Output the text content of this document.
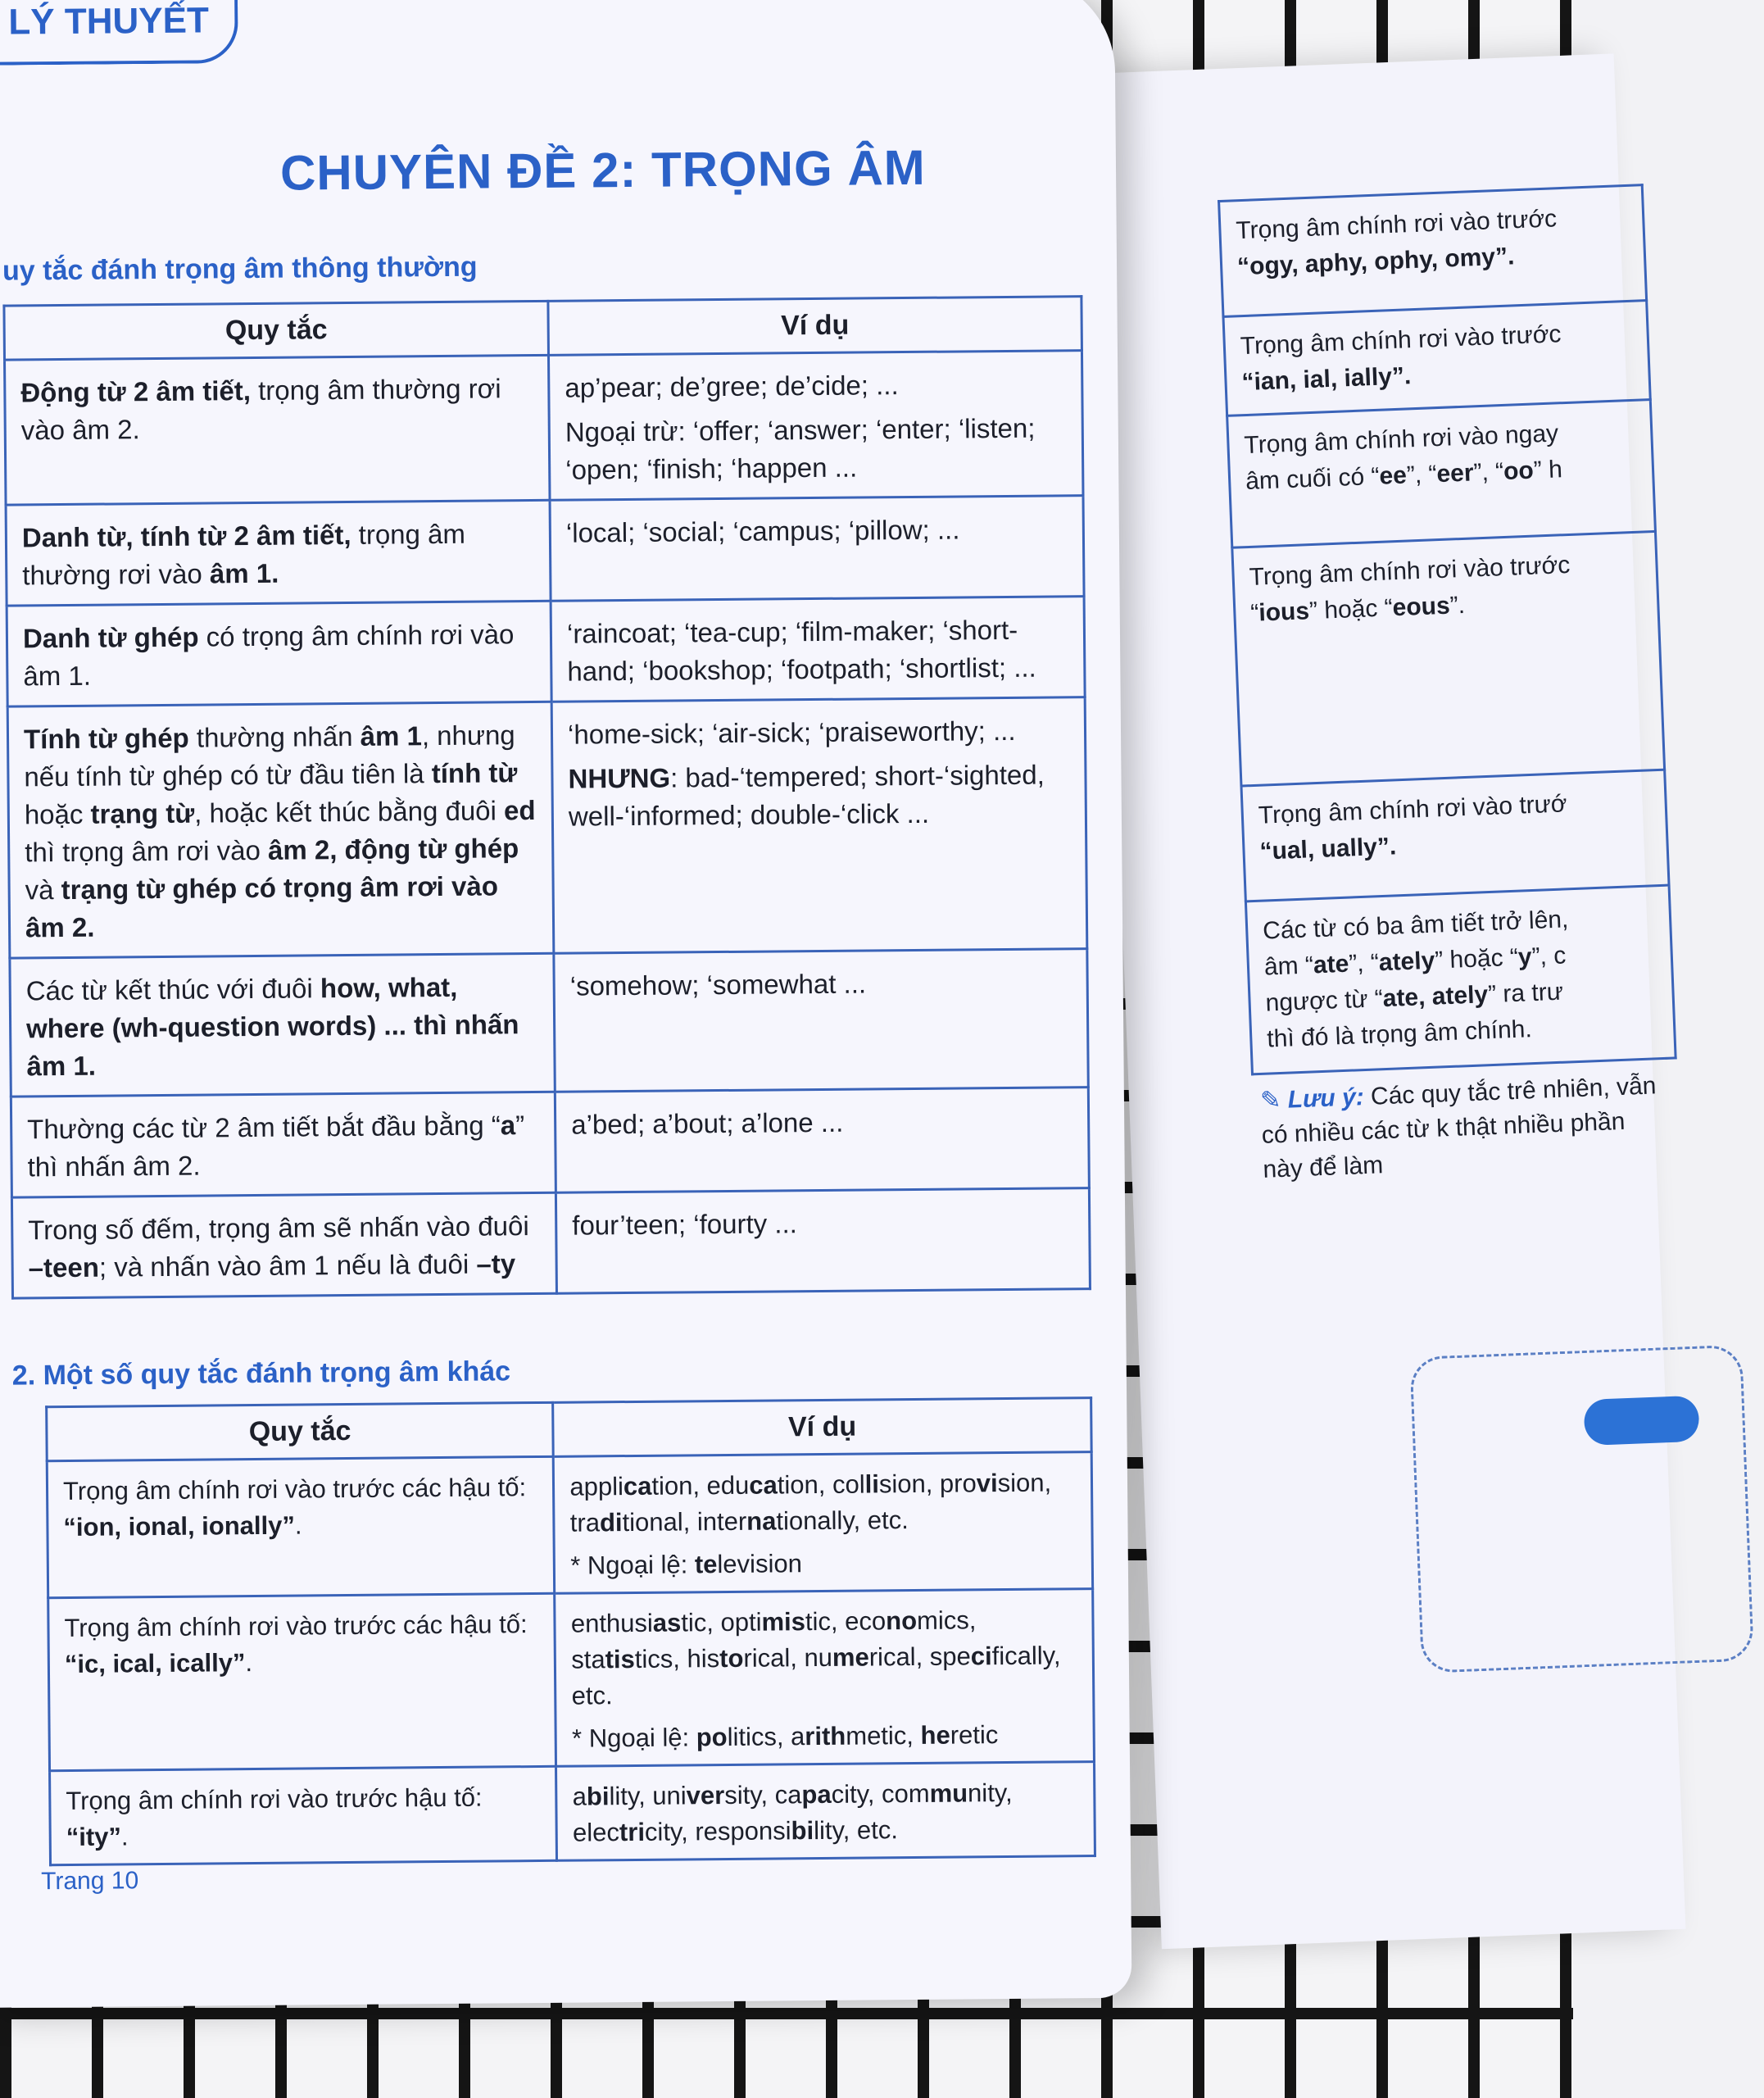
Trọng âm chính rơi vào trước
“ogy, aphy, ophy, omy”.
Trọng âm chính rơi vào trước
“ian, ial, ially”.
Trọng âm chính rơi vào ngay
âm cuối có “ee”, “eer”, “oo” h
Trọng âm chính rơi vào trước
“ious” hoặc “eous”.
Trọng âm chính rơi vào trướ
“ual, ually”.
Các từ có ba âm tiết trở lên,
âm “ate”, “ately” hoặc “y”, c
ngược từ “ate, ately” ra trư
thì đó là trọng âm chính.
✎ Lưu ý: Các quy tắc trê nhiên, vẫn có nhiều các từ k thật nhiều phần này để làm
LÝ THUYẾT
CHUYÊN ĐỀ 2: TRỌNG ÂM
uy tắc đánh trọng âm thông thường
Quy tắc	Ví dụ
Động từ 2 âm tiết, trọng âm thường rơi vào âm 2.	ap’pear; de’gree; de’cide; ...
Ngoại trừ: ‘offer; ‘answer; ‘enter; ‘listen; ‘open; ‘finish; ‘happen ...

Danh từ, tính từ 2 âm tiết, trọng âm thường rơi vào âm 1.	‘local; ‘social; ‘campus; ‘pillow; ...

Danh từ ghép có trọng âm chính rơi vào âm 1.	‘raincoat; ‘tea-cup; ‘film-maker; ‘short-hand; ‘bookshop; ‘footpath; ‘shortlist; ...

Tính từ ghép thường nhấn âm 1, nhưng nếu tính từ ghép có từ đầu tiên là tính từ hoặc trạng từ, hoặc kết thúc bằng đuôi ed thì trọng âm rơi vào âm 2, động từ ghép và trạng từ ghép có trọng âm rơi vào âm 2.	‘home-sick; ‘air-sick; ‘praiseworthy; ...
NHƯNG: bad-‘tempered; short-‘sighted, well-‘informed; double-‘click ...

Các từ kết thúc với đuôi how, what, where (wh-question words) ... thì nhấn âm 1.	‘somehow; ‘somewhat ...

Thường các từ 2 âm tiết bắt đầu bằng “a” thì nhấn âm 2.	a’bed; a’bout; a’lone ...

Trong số đếm, trọng âm sẽ nhấn vào đuôi –teen; và nhấn vào âm 1 nếu là đuôi –ty	four’teen; ‘fourty ...
2. Một số quy tắc đánh trọng âm khác
Quy tắc	Ví dụ
Trọng âm chính rơi vào trước các hậu tố: “ion, ional, ionally”.	application, education, collision, provision, traditional, internationally, etc.
* Ngoại lệ: television

Trọng âm chính rơi vào trước các hậu tố: “ic, ical, ically”.	enthusiastic, optimistic, economics, statistics, historical, numerical, specifically, etc.
* Ngoại lệ: politics, arithmetic, heretic

Trọng âm chính rơi vào trước hậu tố: “ity”.	ability, university, capacity, community, electricity, responsibility, etc.
Trang 10
